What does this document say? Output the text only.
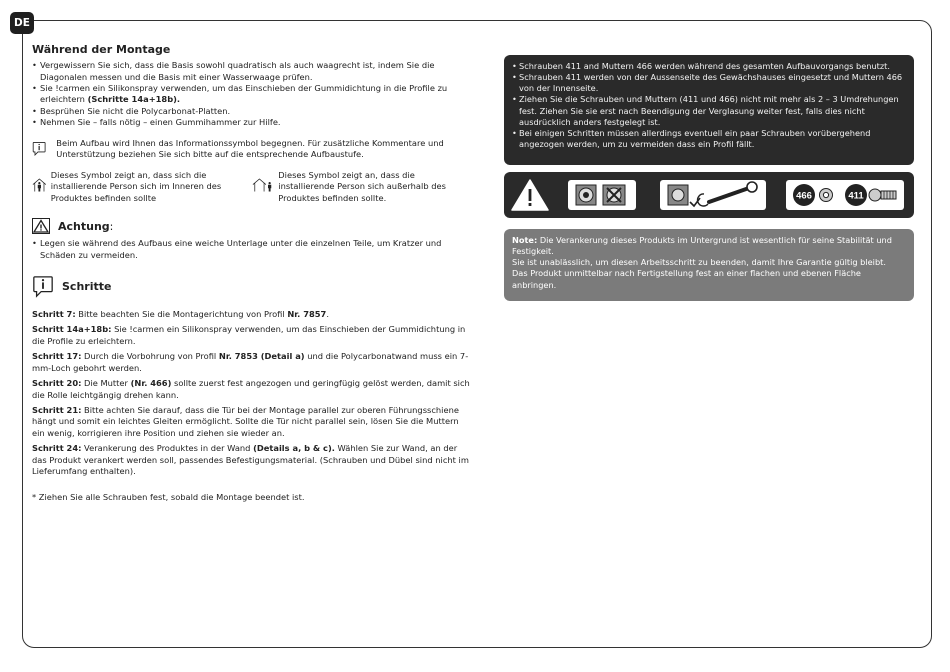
DE
Während der Montage
• Vergewissern Sie sich, dass die Basis sowohl quadratisch als auch waagrecht ist, indem Sie die Diagonalen messen und die Basis mit einer Wasserwaage prüfen.
• Sie !carmen ein Silikonspray verwenden, um das Einschieben der Gummidichtung in die Profile zu erleichtern (Schritte 14a+18b).
• Besprühen Sie nicht die Polycarbonat-Platten.
• Nehmen Sie – falls nötig – einen Gummihammer zur Hilfe.
Beim Aufbau wird Ihnen das Informationssymbol begegnen. Für zusätzliche Kommentare und Unterstützung beziehen Sie sich bitte auf die entsprechende Aufbaustufe.
Dieses Symbol zeigt an, dass sich die installierende Person sich im Inneren des Produktes befinden sollte
Dieses Symbol zeigt an, dass die installierende Person sich außerhalb des Produktes befinden sollte.
Achtung:
• Legen sie während des Aufbaus eine weiche Unterlage unter die einzelnen Teile, um Kratzer und Schäden zu vermeiden.
Schritte

Schritt 7: Bitte beachten Sie die Montagerichtung von Profil Nr. 7857.

Schritt 14a+18b: Sie !carmen ein Silikonspray verwenden, um das Einschieben der Gummidichtung in die Profile zu erleichtern.

Schritt 17: Durch die Vorbohrung von Profil Nr. 7853 (Detail a) und die Polycarbonatwand muss ein 7-mm-Loch gebohrt werden.

Schritt 20: Die Mutter (Nr. 466) sollte zuerst fest angezogen und geringfügig gelöst werden, damit sich die Rolle leichtgängig drehen kann.

Schritt 21: Bitte achten Sie darauf, dass die Tür bei der Montage parallel zur oberen Führungsschiene hängt und somit ein leichtes Gleiten ermöglicht. Sollte die Tür nicht parallel sein, lösen Sie die Muttern ein wenig, korrigieren ihre Position und ziehen sie wieder an.

Schritt 24: Verankerung des Produktes in der Wand (Details a, b & c). Wählen Sie zur Wand, an der das Produkt verankert werden soll, passendes Befestigungsmaterial. (Schrauben und Dübel sind nicht im Lieferumfang enthalten).

* Ziehen Sie alle Schrauben fest, sobald die Montage beendet ist.
• Schrauben 411 and Muttern 466 werden während des gesamten Aufbauvorgangs benutzt.
• Schrauben 411 werden von der Aussenseite des Gewächshauses eingesetzt und Muttern 466 von der Innenseite.
• Ziehen Sie die Schrauben und Muttern (411 und 466) nicht mit mehr als 2 – 3 Umdrehungen fest. Ziehen Sie sie erst nach Beendigung der Verglasung weiter fest, falls dies nicht ausdrücklich anders festgelegt ist.
• Bei einigen Schritten müssen allerdings eventuell ein paar Schrauben vorübergehend angezogen werden, um zu vermeiden dass ein Profil fällt.
466	411

Note: Die Verankerung dieses Produkts im Untergrund ist wesentlich für seine Stabilität und Festigkeit.

Sie ist unablässlich, um diesen Arbeitsschritt zu beenden, damit Ihre Garantie gültig bleibt.

Das Produkt unmittelbar nach Fertigstellung fest an einer flachen und ebenen Fläche anbringen.
